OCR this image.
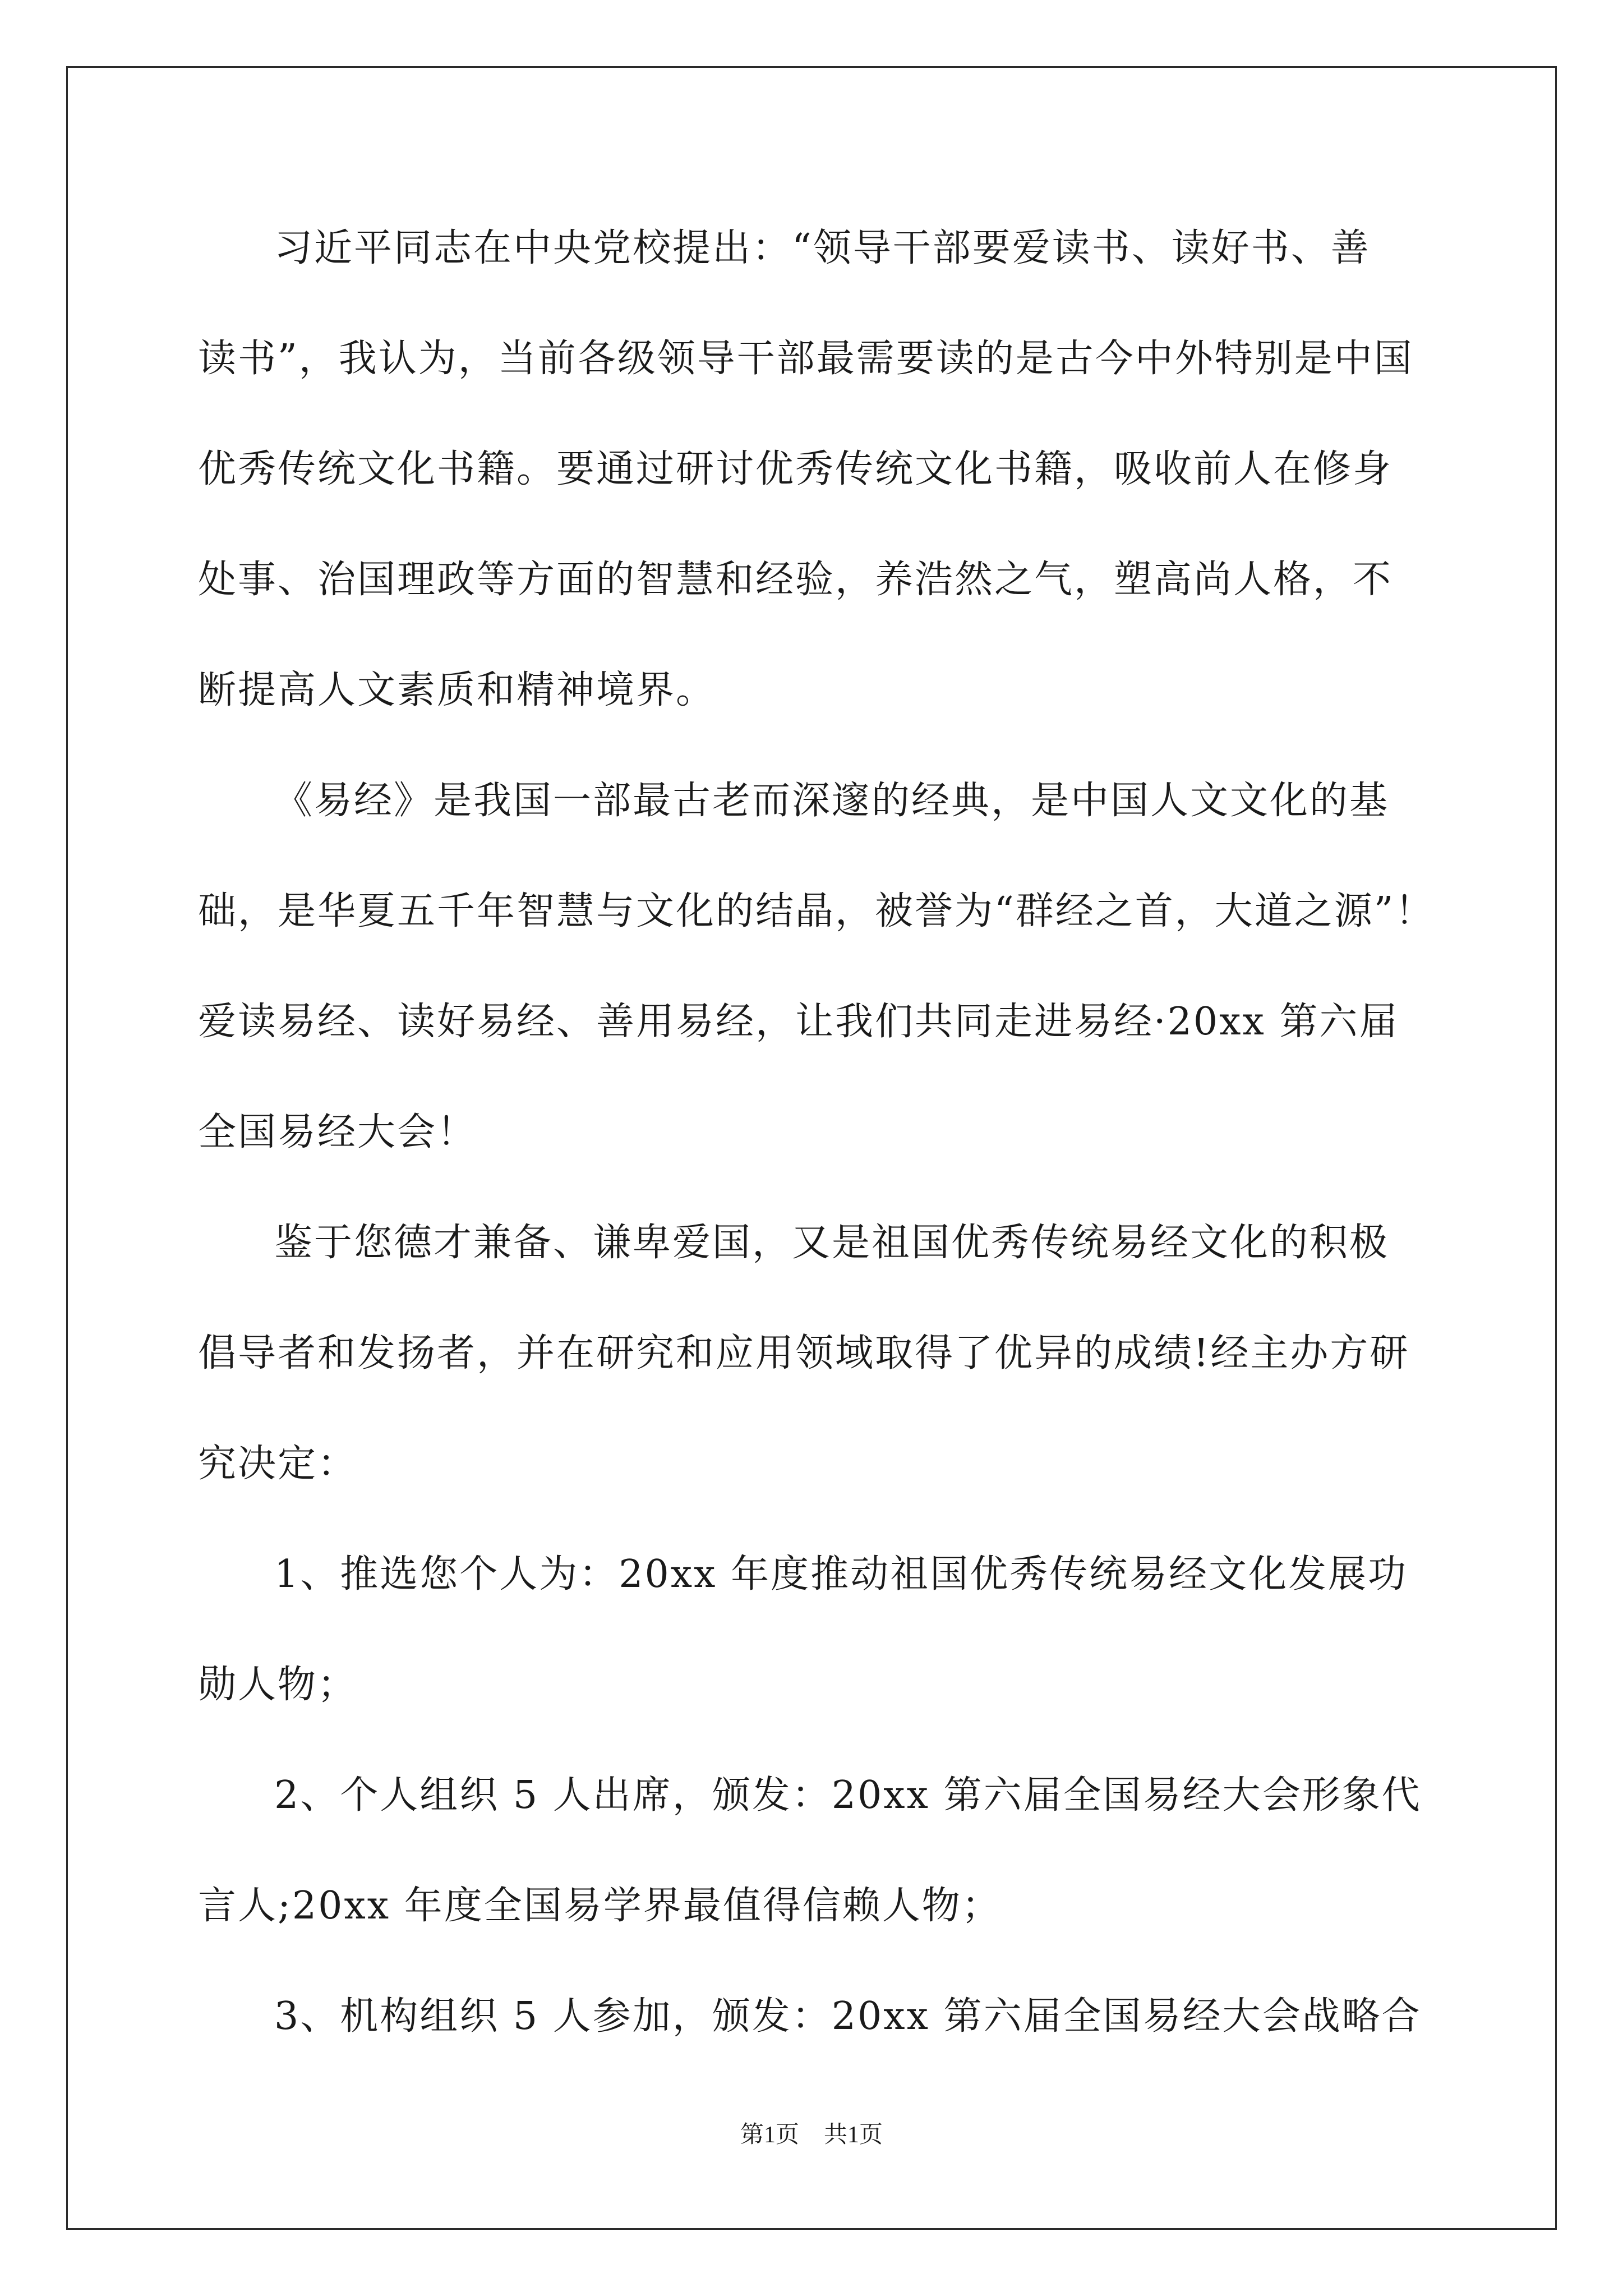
习近平同志在中央党校提出：“领导干部要爱读书、读好书、善
读书”，我认为，当前各级领导干部最需要读的是古今中外特别是中国
优秀传统文化书籍。要通过研讨优秀传统文化书籍，吸收前人在修身
处事、治国理政等方面的智慧和经验，养浩然之气，塑高尚人格，不
断提高人文素质和精神境界。
《易经》是我国一部最古老而深邃的经典，是中国人文文化的基
础，是华夏五千年智慧与文化的结晶，被誉为“群经之首，大道之源”！
爱读易经、读好易经、善用易经，让我们共同走进易经·20xx 第六届
全国易经大会！
鉴于您德才兼备、谦卑爱国，又是祖国优秀传统易经文化的积极
倡导者和发扬者，并在研究和应用领域取得了优异的成绩!经主办方研
究决定：
1、推选您个人为：20xx 年度推动祖国优秀传统易经文化发展功
勋人物；
2、个人组织 5 人出席，颁发：20xx 第六届全国易经大会形象代
言人;20xx 年度全国易学界最值得信赖人物；
3、机构组织 5 人参加，颁发：20xx 第六届全国易经大会战略合
第1页 共1页
